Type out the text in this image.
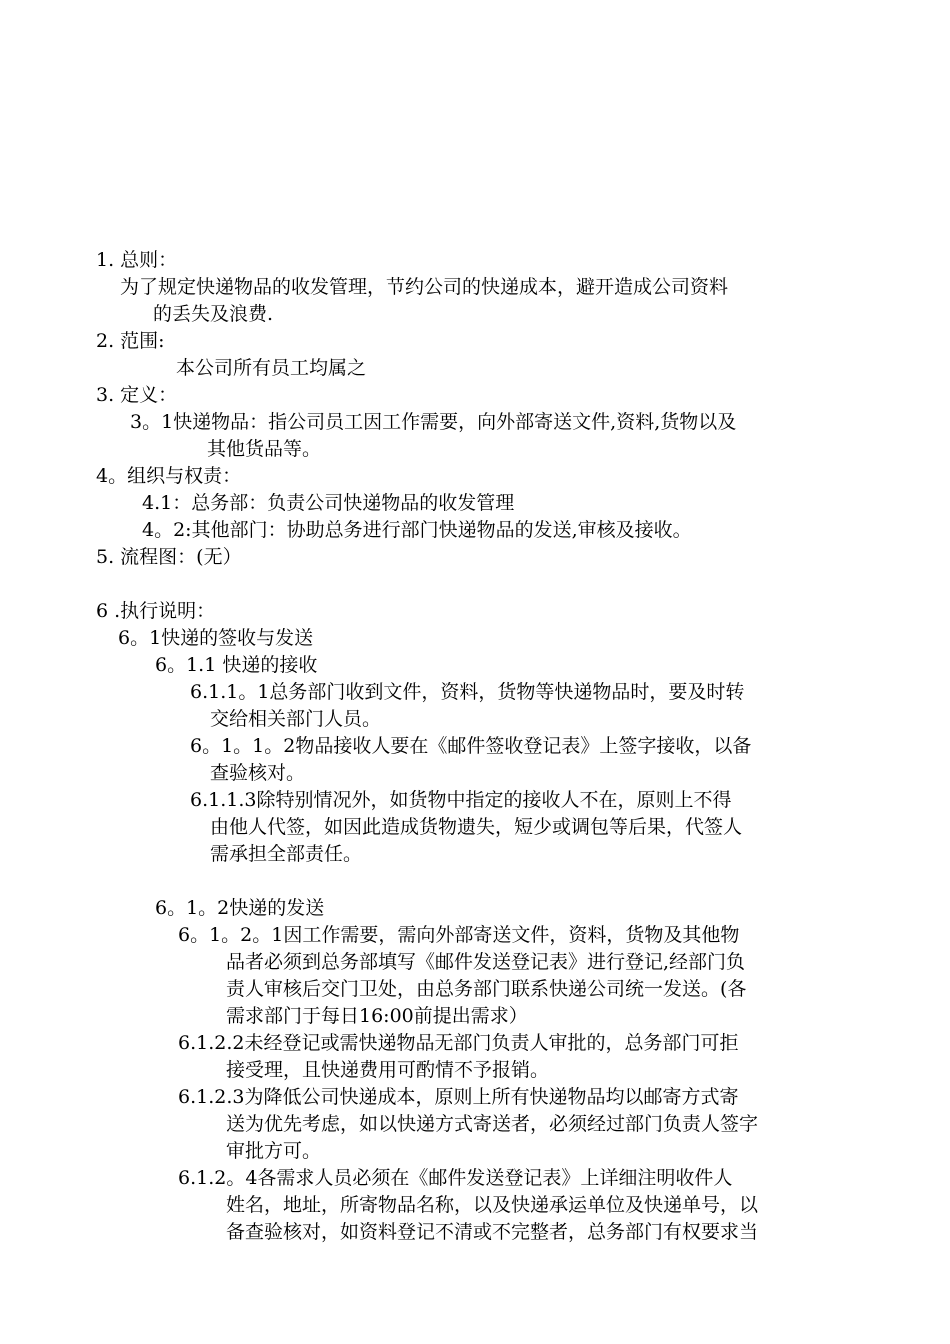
1. 总则：
为了规定快递物品的收发管理，节约公司的快递成本，避开造成公司资料
的丢失及浪费.
2. 范围:
本公司所有员工均属之
3. 定义：
3。1快递物品：指公司员工因工作需要，向外部寄送文件,资料,货物以及
其他货品等。
4。组织与权责：
4.1：总务部：负责公司快递物品的收发管理
4。2:其他部门：协助总务进行部门快递物品的发送,审核及接收。
5. 流程图：(无）
6 .执行说明：
6。1快递的签收与发送
6。1.1 快递的接收
6.1.1。1总务部门收到文件，资料，货物等快递物品时，要及时转
交给相关部门人员。
6。1。1。2物品接收人要在《邮件签收登记表》上签字接收，以备
查验核对。
6.1.1.3除特别情况外，如货物中指定的接收人不在，原则上不得
由他人代签，如因此造成货物遗失，短少或调包等后果，代签人
需承担全部责任。
6。1。2快递的发送
6。1。2。1因工作需要，需向外部寄送文件，资料，货物及其他物
品者必须到总务部填写《邮件发送登记表》进行登记,经部门负
责人审核后交门卫处，由总务部门联系快递公司统一发送。(各
需求部门于每日16:00前提出需求）
6.1.2.2未经登记或需快递物品无部门负责人审批的，总务部门可拒
接受理，且快递费用可酌情不予报销。
6.1.2.3为降低公司快递成本，原则上所有快递物品均以邮寄方式寄
送为优先考虑，如以快递方式寄送者，必须经过部门负责人签字
审批方可。
6.1.2。4各需求人员必须在《邮件发送登记表》上详细注明收件人
姓名，地址，所寄物品名称，以及快递承运单位及快递单号，以
备查验核对，如资料登记不清或不完整者，总务部门有权要求当
